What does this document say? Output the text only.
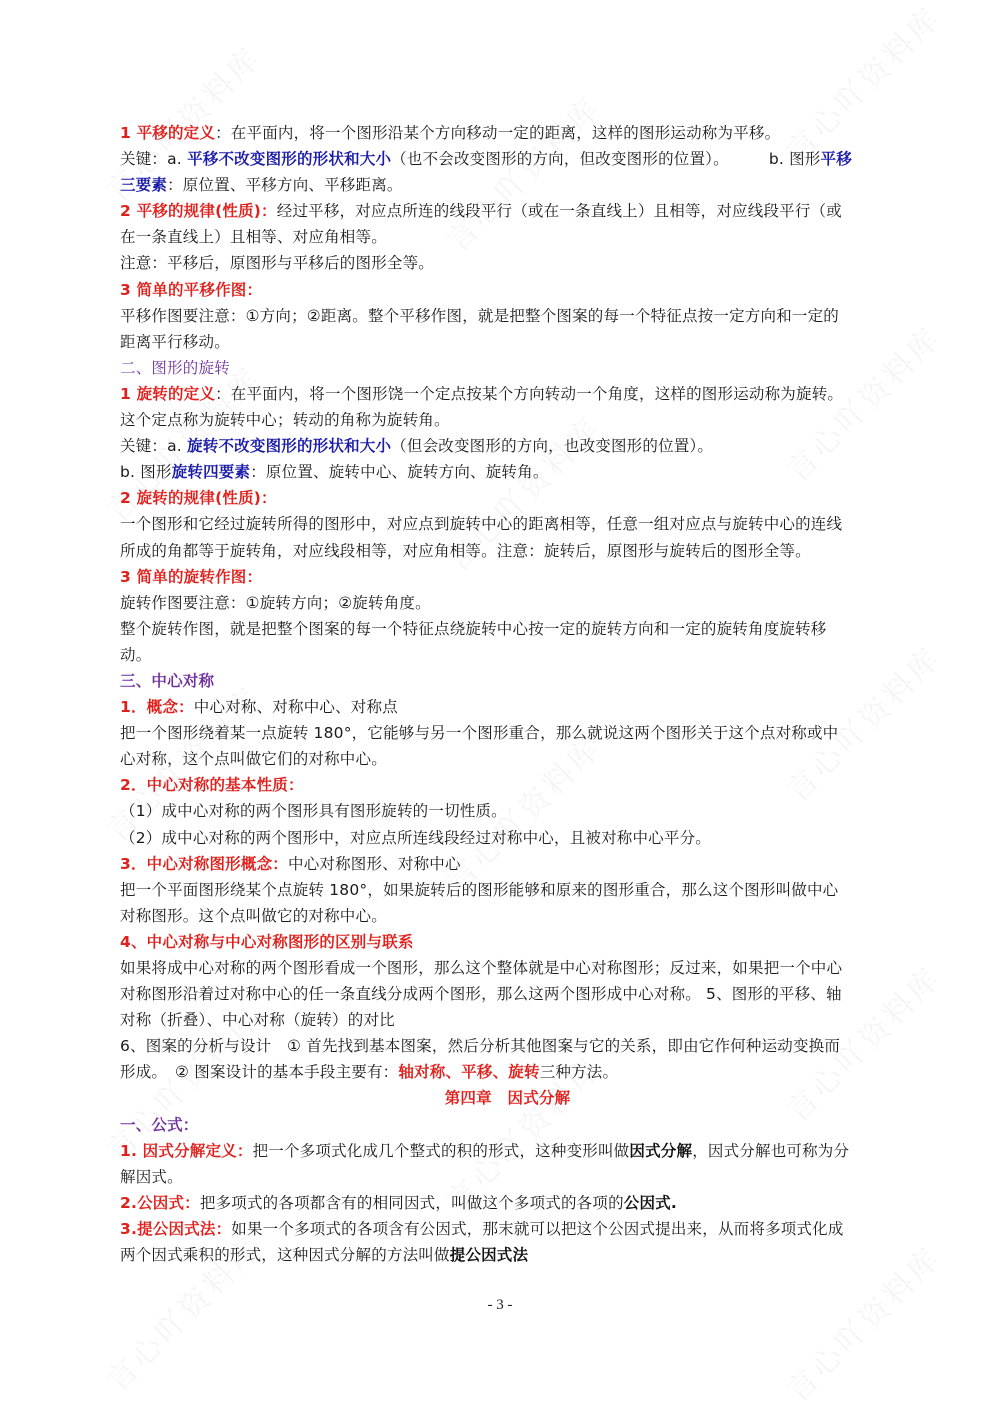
1 平移的定义：在平面内，将一个图形沿某个方向移动一定的距离，这样的图形运动称为平移。
关键：a. 平移不改变图形的形状和大小（也不会改变图形的方向，但改变图形的位置）。	b. 图形平移
三要素：原位置、平移方向、平移距离。
2 平移的规律(性质)：经过平移，对应点所连的线段平行（或在一条直线上）且相等，对应线段平行（或
在一条直线上）且相等、对应角相等。
注意：平移后，原图形与平移后的图形全等。
3 简单的平移作图：
平移作图要注意：①方向；②距离。整个平移作图，就是把整个图案的每一个特征点按一定方向和一定的
距离平行移动。
二、图形的旋转
1 旋转的定义：在平面内，将一个图形饶一个定点按某个方向转动一个角度，这样的图形运动称为旋转。
这个定点称为旋转中心；转动的角称为旋转角。
关键：a. 旋转不改变图形的形状和大小（但会改变图形的方向，也改变图形的位置）。
b. 图形旋转四要素：原位置、旋转中心、旋转方向、旋转角。
2 旋转的规律(性质)：
一个图形和它经过旋转所得的图形中，对应点到旋转中心的距离相等，任意一组对应点与旋转中心的连线
所成的角都等于旋转角，对应线段相等，对应角相等。注意：旋转后，原图形与旋转后的图形全等。
3 简单的旋转作图：
旋转作图要注意：①旋转方向；②旋转角度。
整个旋转作图，就是把整个图案的每一个特征点绕旋转中心按一定的旋转方向和一定的旋转角度旋转移
动。
三、中心对称
1．概念：中心对称、对称中心、对称点
把一个图形绕着某一点旋转 180°，它能够与另一个图形重合，那么就说这两个图形关于这个点对称或中
心对称，这个点叫做它们的对称中心。
2．中心对称的基本性质：
（1）成中心对称的两个图形具有图形旋转的一切性质。
（2）成中心对称的两个图形中，对应点所连线段经过对称中心，且被对称中心平分。
3．中心对称图形概念：中心对称图形、对称中心
把一个平面图形绕某个点旋转 180°，如果旋转后的图形能够和原来的图形重合，那么这个图形叫做中心
对称图形。这个点叫做它的对称中心。
4、中心对称与中心对称图形的区别与联系
如果将成中心对称的两个图形看成一个图形，那么这个整体就是中心对称图形；反过来，如果把一个中心
对称图形沿着过对称中心的任一条直线分成两个图形，那么这两个图形成中心对称。 5、图形的平移、轴
对称（折叠）、中心对称（旋转）的对比
6、图案的分析与设计　① 首先找到基本图案，然后分析其他图案与它的关系，即由它作何种运动变换而
形成。　② 图案设计的基本手段主要有：轴对称、平移、旋转三种方法。
第四章　因式分解
一、公式：
1. 因式分解定义：把一个多项式化成几个整式的积的形式，这种变形叫做因式分解，因式分解也可称为分
解因式。
2.公因式：把多项式的各项都含有的相同因式，叫做这个多项式的各项的公因式.
3.提公因式法：如果一个多项式的各项含有公因式，那末就可以把这个公因式提出来，从而将多项式化成
两个因式乘积的形式，这种因式分解的方法叫做提公因式法
- 3 -
